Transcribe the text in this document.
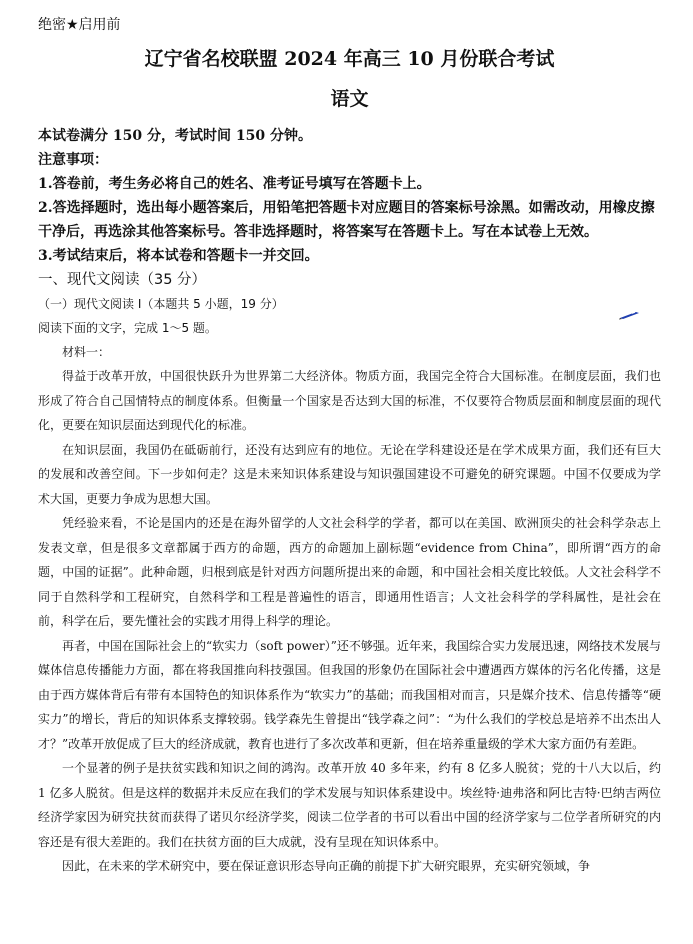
绝密★启用前

辽宁省名校联盟 2024 年高三 10 月份联合考试
语文

本试卷满分 150 分，考试时间 150 分钟。

注意事项：

1.答卷前，考生务必将自己的姓名、准考证号填写在答题卡上。

2.答选择题时，选出每小题答案后，用铅笔把答题卡对应题目的答案标号涂黑。如需改动，用橡皮擦干净后，再选涂其他答案标号。答非选择题时，将答案写在答题卡上。写在本试卷上无效。

3.考试结束后，将本试卷和答题卡一并交回。

一、现代文阅读（35 分）

（一）现代文阅读 I（本题共 5 小题，19 分）

阅读下面的文字，完成 1～5 题。

材料一：

得益于改革开放，中国很快跃升为世界第二大经济体。物质方面，我国完全符合大国标准。在制度层面，我们也形成了符合自己国情特点的制度体系。但衡量一个国家是否达到大国的标准，不仅要符合物质层面和制度层面的现代化，更要在知识层面达到现代化的标准。

在知识层面，我国仍在砥砺前行，还没有达到应有的地位。无论在学科建设还是在学术成果方面，我们还有巨大的发展和改善空间。下一步如何走？这是未来知识体系建设与知识强国建设不可避免的研究课题。中国不仅要成为学术大国，更要力争成为思想大国。

凭经验来看，不论是国内的还是在海外留学的人文社会科学的学者，都可以在美国、欧洲顶尖的社会科学杂志上发表文章，但是很多文章都属于西方的命题，西方的命题加上副标题“evidence from China”，即所谓“西方的命题，中国的证据”。此种命题，归根到底是针对西方问题所提出来的命题，和中国社会相关度比较低。人文社会科学不同于自然科学和工程研究，自然科学和工程是普遍性的语言，即通用性语言；人文社会科学的学科属性，是社会在前，科学在后，要先懂社会的实践才用得上科学的理论。

再者，中国在国际社会上的“软实力（soft power）”还不够强。近年来，我国综合实力发展迅速，网络技术发展与媒体信息传播能力方面，都在将我国推向科技强国。但我国的形象仍在国际社会中遭遇西方媒体的污名化传播，这是由于西方媒体背后有带有本国特色的知识体系作为“软实力”的基础；而我国相对而言，只是媒介技术、信息传播等“硬实力”的增长，背后的知识体系支撑较弱。钱学森先生曾提出“钱学森之问”：“为什么我们的学校总是培养不出杰出人才？”改革开放促成了巨大的经济成就，教育也进行了多次改革和更新，但在培养重量级的学术大家方面仍有差距。

一个显著的例子是扶贫实践和知识之间的鸿沟。改革开放 40 多年来，约有 8 亿多人脱贫；党的十八大以后，约 1 亿多人脱贫。但是这样的数据并未反应在我们的学术发展与知识体系建设中。埃丝特·迪弗洛和阿比吉特·巴纳吉两位经济学家因为研究扶贫而获得了诺贝尔经济学奖，阅读二位学者的书可以看出中国的经济学家与二位学者所研究的内容还是有很大差距的。我们在扶贫方面的巨大成就，没有呈现在知识体系中。

因此，在未来的学术研究中，要在保证意识形态导向正确的前提下扩大研究眼界，充实研究领域，争
